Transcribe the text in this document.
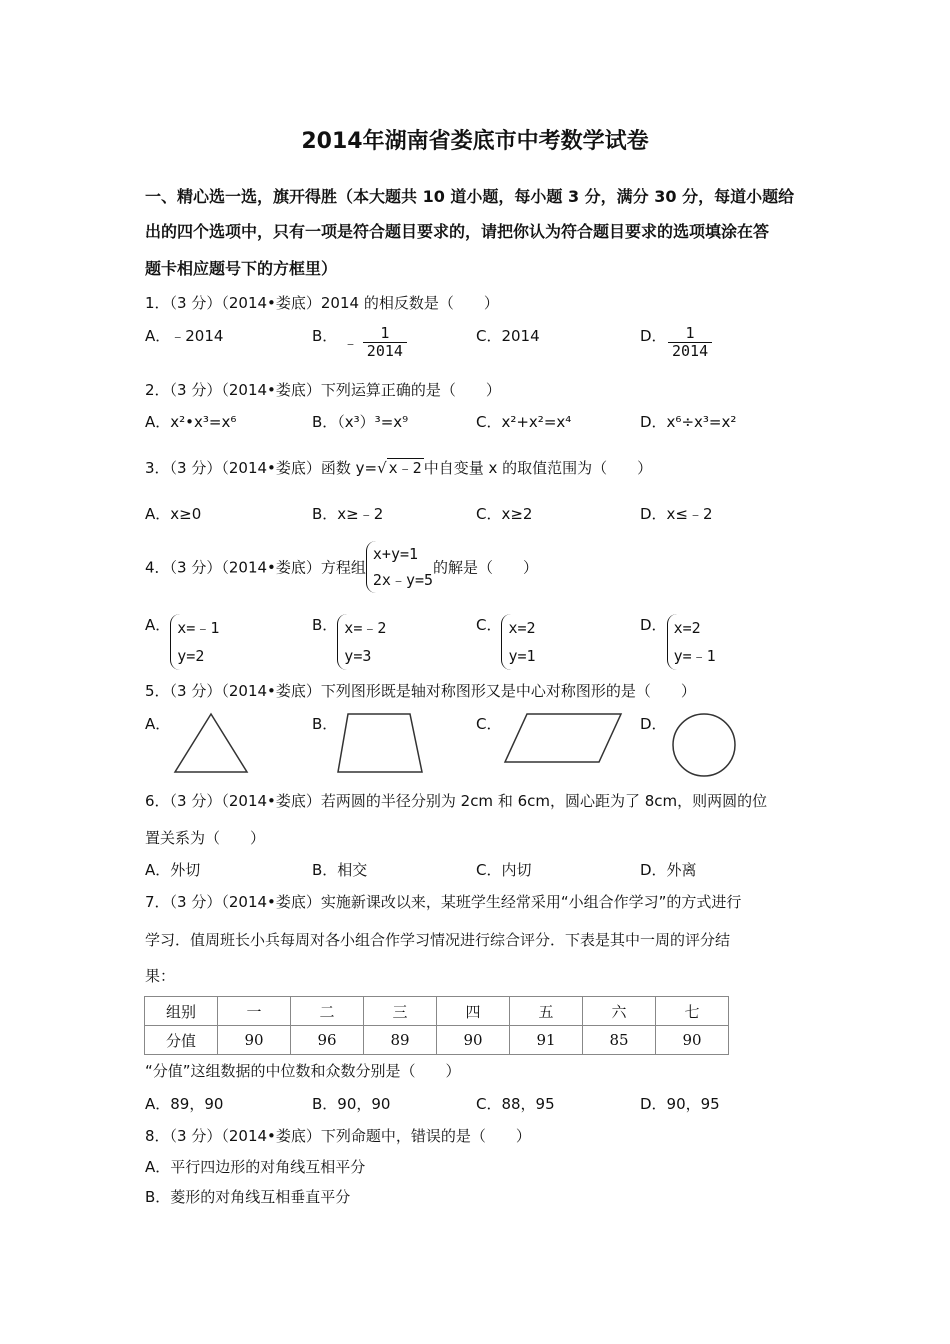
2014年湖南省娄底市中考数学试卷
一、精心选一选，旗开得胜（本大题共 10 道小题，每小题 3 分，满分 30 分，每道小题给
出的四个选项中，只有一项是符合题目要求的，请把你认为符合题目要求的选项填涂在答
题卡相应题号下的方框里）
1．（3 分）（2014•娄底）2014 的相反数是（　　）
A．﹣2014	B． ﹣ $\frac{1}{2014}$	C．2014	D． $\frac{1}{2014}$
2．（3 分）（2014•娄底）下列运算正确的是（　　）
A．x²•x³=x⁶	B．（x³）³=x⁹	C．x²+x²=x⁴	D．x⁶÷x³=x²
3．（3 分）（2014•娄底）函数 y=√ x﹣2 中自变量 x 的取值范围为（　　）
A．x≥0	B．x≥﹣2	C．x≥2	D．x≤﹣2
4．（3 分）（2014•娄底）方程组
x+y=1
2x﹣y=5
的解是（　　）
A． x=﹣1
y=2
B． x=﹣2
y=3
C． x=2
y=1
D． x=2
y=﹣1
5．（3 分）（2014•娄底）下列图形既是轴对称图形又是中心对称图形的是（　　）
A．	B．	C．	D．
6．（3 分）（2014•娄底）若两圆的半径分别为 2cm 和 6cm，圆心距为了 8cm，则两圆的位
置关系为（　　）
A．外切	B．相交	C．内切	D．外离
7．（3 分）（2014•娄底）实施新课改以来，某班学生经常采用“小组合作学习”的方式进行
学习．值周班长小兵每周对各小组合作学习情况进行综合评分．下表是其中一周的评分结
果：
组别	一	二	三	四	五	六	七
分值	90	96	89	90	91	85	90
“分值”这组数据的中位数和众数分别是（　　）
A．89，90	B．90，90	C．88，95	D．90，95
8．（3 分）（2014•娄底）下列命题中，错误的是（　　）
A．平行四边形的对角线互相平分
B．菱形的对角线互相垂直平分
